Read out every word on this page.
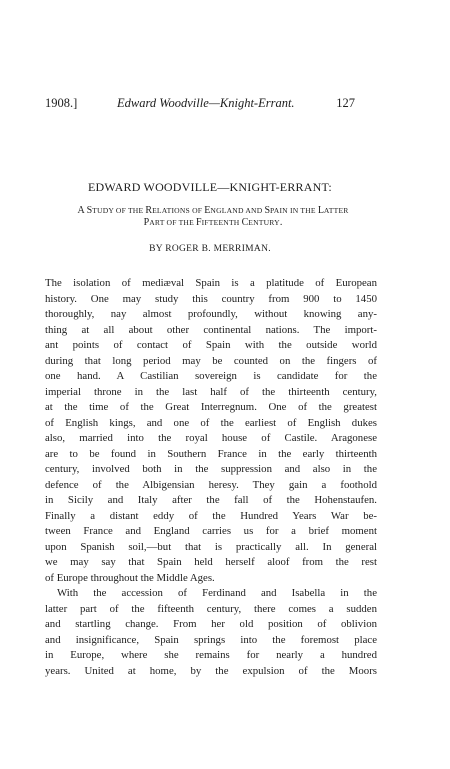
1908.]	Edward Woodville—Knight-Errant.	127
EDWARD WOODVILLE—KNIGHT-ERRANT:
A STUDY OF THE RELATIONS OF ENGLAND AND SPAIN IN THE LATTER
PART OF THE FIFTEENTH CENTURY.
BY ROGER B. MERRIMAN.
The isolation of mediæval Spain is a platitude of European
history. One may study this country from 900 to 1450
thoroughly, nay almost profoundly, without knowing any-
thing at all about other continental nations. The import-
ant points of contact of Spain with the outside world
during that long period may be counted on the fingers of
one hand. A Castilian sovereign is candidate for the
imperial throne in the last half of the thirteenth century,
at the time of the Great Interregnum. One of the greatest
of English kings, and one of the earliest of English dukes
also, married into the royal house of Castile. Aragonese
are to be found in Southern France in the early thirteenth
century, involved both in the suppression and also in the
defence of the Albigensian heresy. They gain a foothold
in Sicily and Italy after the fall of the Hohenstaufen.
Finally a distant eddy of the Hundred Years War be-
tween France and England carries us for a brief moment
upon Spanish soil,—but that is practically all. In general
we may say that Spain held herself aloof from the rest
of Europe throughout the Middle Ages.
With the accession of Ferdinand and Isabella in the
latter part of the fifteenth century, there comes a sudden
and startling change. From her old position of oblivion
and insignificance, Spain springs into the foremost place
in Europe, where she remains for nearly a hundred
years. United at home, by the expulsion of the Moors
